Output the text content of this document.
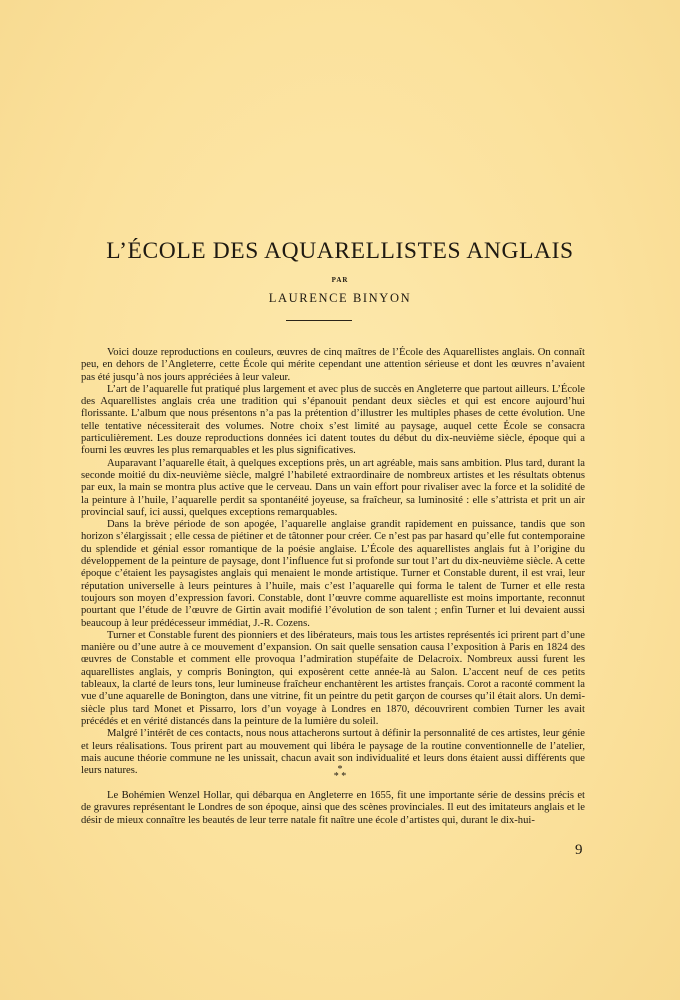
L’ÉCOLE DES AQUARELLISTES ANGLAIS
PAR
LAURENCE BINYON

Voici douze reproductions en couleurs, œuvres de cinq maîtres de l’École des Aquarellistes anglais. On connaît peu, en dehors de l’Angleterre, cette École qui mérite cependant une attention sérieuse et dont les œuvres n’avaient pas été jusqu’à nos jours appréciées à leur valeur.

L’art de l’aquarelle fut pratiqué plus largement et avec plus de succès en Angleterre que partout ailleurs. L’École des Aquarellistes anglais créa une tradition qui s’épanouit pendant deux siècles et qui est encore aujourd’hui florissante. L’album que nous présentons n’a pas la prétention d’illustrer les multiples phases de cette évolution. Une telle tentative nécessiterait des volumes. Notre choix s’est limité au paysage, auquel cette École se consacra particulièrement. Les douze reproductions données ici datent toutes du début du dix-neuvième siècle, époque qui a fourni les œuvres les plus remarquables et les plus significatives.

Auparavant l’aquarelle était, à quelques exceptions près, un art agréable, mais sans ambition. Plus tard, durant la seconde moitié du dix-neuvième siècle, malgré l’habileté extraordinaire de nombreux artistes et les résultats obtenus par eux, la main se montra plus active que le cerveau. Dans un vain effort pour rivaliser avec la force et la solidité de la peinture à l’huile, l’aquarelle perdit sa spontanéité joyeuse, sa fraîcheur, sa luminosité : elle s’attrista et prit un air provincial sauf, ici aussi, quelques exceptions remarquables.

Dans la brève période de son apogée, l’aquarelle anglaise grandit rapidement en puissance, tandis que son horizon s’élargissait ; elle cessa de piétiner et de tâtonner pour créer. Ce n’est pas par hasard qu’elle fut contemporaine du splendide et génial essor romantique de la poésie anglaise. L’École des aquarellistes anglais fut à l’origine du développement de la peinture de paysage, dont l’influence fut si profonde sur tout l’art du dix-neuvième siècle. A cette époque c’étaient les paysagistes anglais qui menaient le monde artistique. Turner et Constable durent, il est vrai, leur réputation universelle à leurs peintures à l’huile, mais c’est l’aquarelle qui forma le talent de Turner et elle resta toujours son moyen d’expression favori. Constable, dont l’œuvre comme aquarelliste est moins importante, reconnut pourtant que l’étude de l’œuvre de Girtin avait modifié l’évolution de son talent ; enfin Turner et lui devaient aussi beaucoup à leur prédécesseur immédiat, J.-R. Cozens.

Turner et Constable furent des pionniers et des libérateurs, mais tous les artistes représentés ici prirent part d’une manière ou d’une autre à ce mouvement d’expansion. On sait quelle sensation causa l’exposition à Paris en 1824 des œuvres de Constable et comment elle provoqua l’admiration stupéfaite de Delacroix. Nombreux aussi furent les aquarellistes anglais, y compris Bonington, qui exposèrent cette année-là au Salon. L’accent neuf de ces petits tableaux, la clarté de leurs tons, leur lumineuse fraîcheur enchantèrent les artistes français. Corot a raconté comment la vue d’une aquarelle de Bonington, dans une vitrine, fit un peintre du petit garçon de courses qu’il était alors. Un demi-siècle plus tard Monet et Pissarro, lors d’un voyage à Londres en 1870, découvrirent combien Turner les avait précédés et en vérité distancés dans la peinture de la lumière du soleil.

Malgré l’intérêt de ces contacts, nous nous attacherons surtout à définir la personnalité de ces artistes, leur génie et leurs réalisations. Tous prirent part au mouvement qui libéra le paysage de la routine conventionnelle de l’atelier, mais aucune théorie commune ne les unissait, chacun avait son individualité et leurs dons étaient aussi différents que leurs natures.	*
* *

Le Bohémien Wenzel Hollar, qui débarqua en Angleterre en 1655, fit une importante série de dessins précis et de gravures représentant le Londres de son époque, ainsi que des scènes provinciales. Il eut des imitateurs anglais et le désir de mieux connaître les beautés de leur terre natale fit naître une école d’artistes qui, durant le dix-hui-

9
